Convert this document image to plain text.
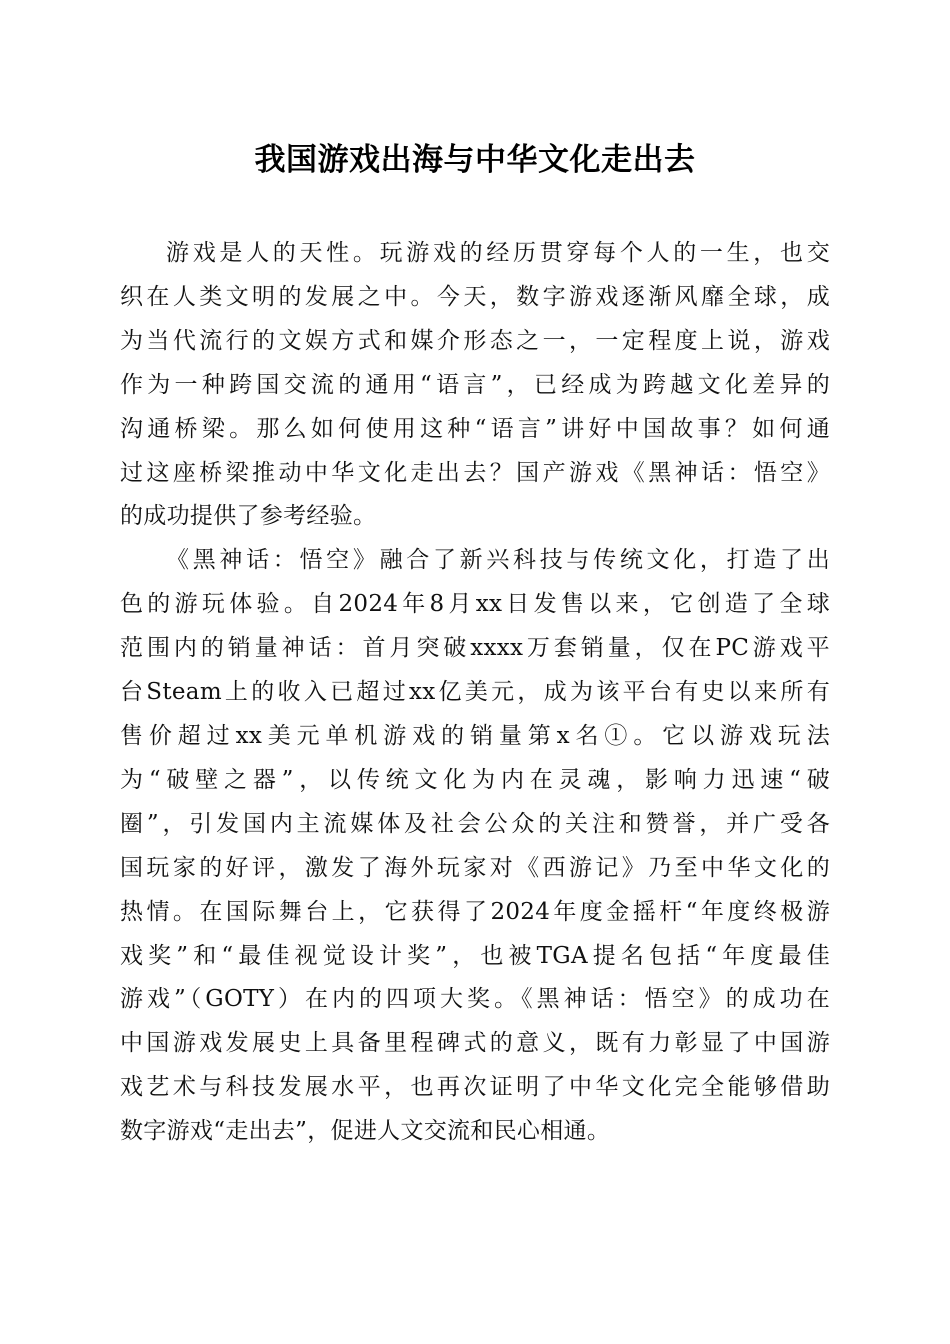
我国游戏出海与中华文化走出去
游戏是人的天性。玩游戏的经历贯穿每个人的一生，也交
织在人类文明的发展之中。今天，数字游戏逐渐风靡全球，成
为当代流行的文娱方式和媒介形态之一，一定程度上说，游戏
作为一种跨国交流的通用“语言”，已经成为跨越文化差异的
沟通桥梁。那么如何使用这种“语言”讲好中国故事？如何通
过这座桥梁推动中华文化走出去？国产游戏《黑神话：悟空》
的成功提供了参考经验。
《黑神话：悟空》融合了新兴科技与传统文化，打造了出
色的游玩体验。自2024年8月xx日发售以来，它创造了全球
范围内的销量神话：首月突破xxxx万套销量，仅在PC游戏平
台Steam上的收入已超过xx亿美元，成为该平台有史以来所有
售价超过xx美元单机游戏的销量第x名①。它以游戏玩法
为“破壁之器”，以传统文化为内在灵魂，影响力迅速“破
圈”，引发国内主流媒体及社会公众的关注和赞誉，并广受各
国玩家的好评，激发了海外玩家对《西游记》乃至中华文化的
热情。在国际舞台上，它获得了2024年度金摇杆“年度终极游
戏奖”和“最佳视觉设计奖”，也被TGA提名包括“年度最佳
游戏”（GOTY）在内的四项大奖。《黑神话：悟空》的成功在
中国游戏发展史上具备里程碑式的意义，既有力彰显了中国游
戏艺术与科技发展水平，也再次证明了中华文化完全能够借助
数字游戏“走出去”，促进人文交流和民心相通。
